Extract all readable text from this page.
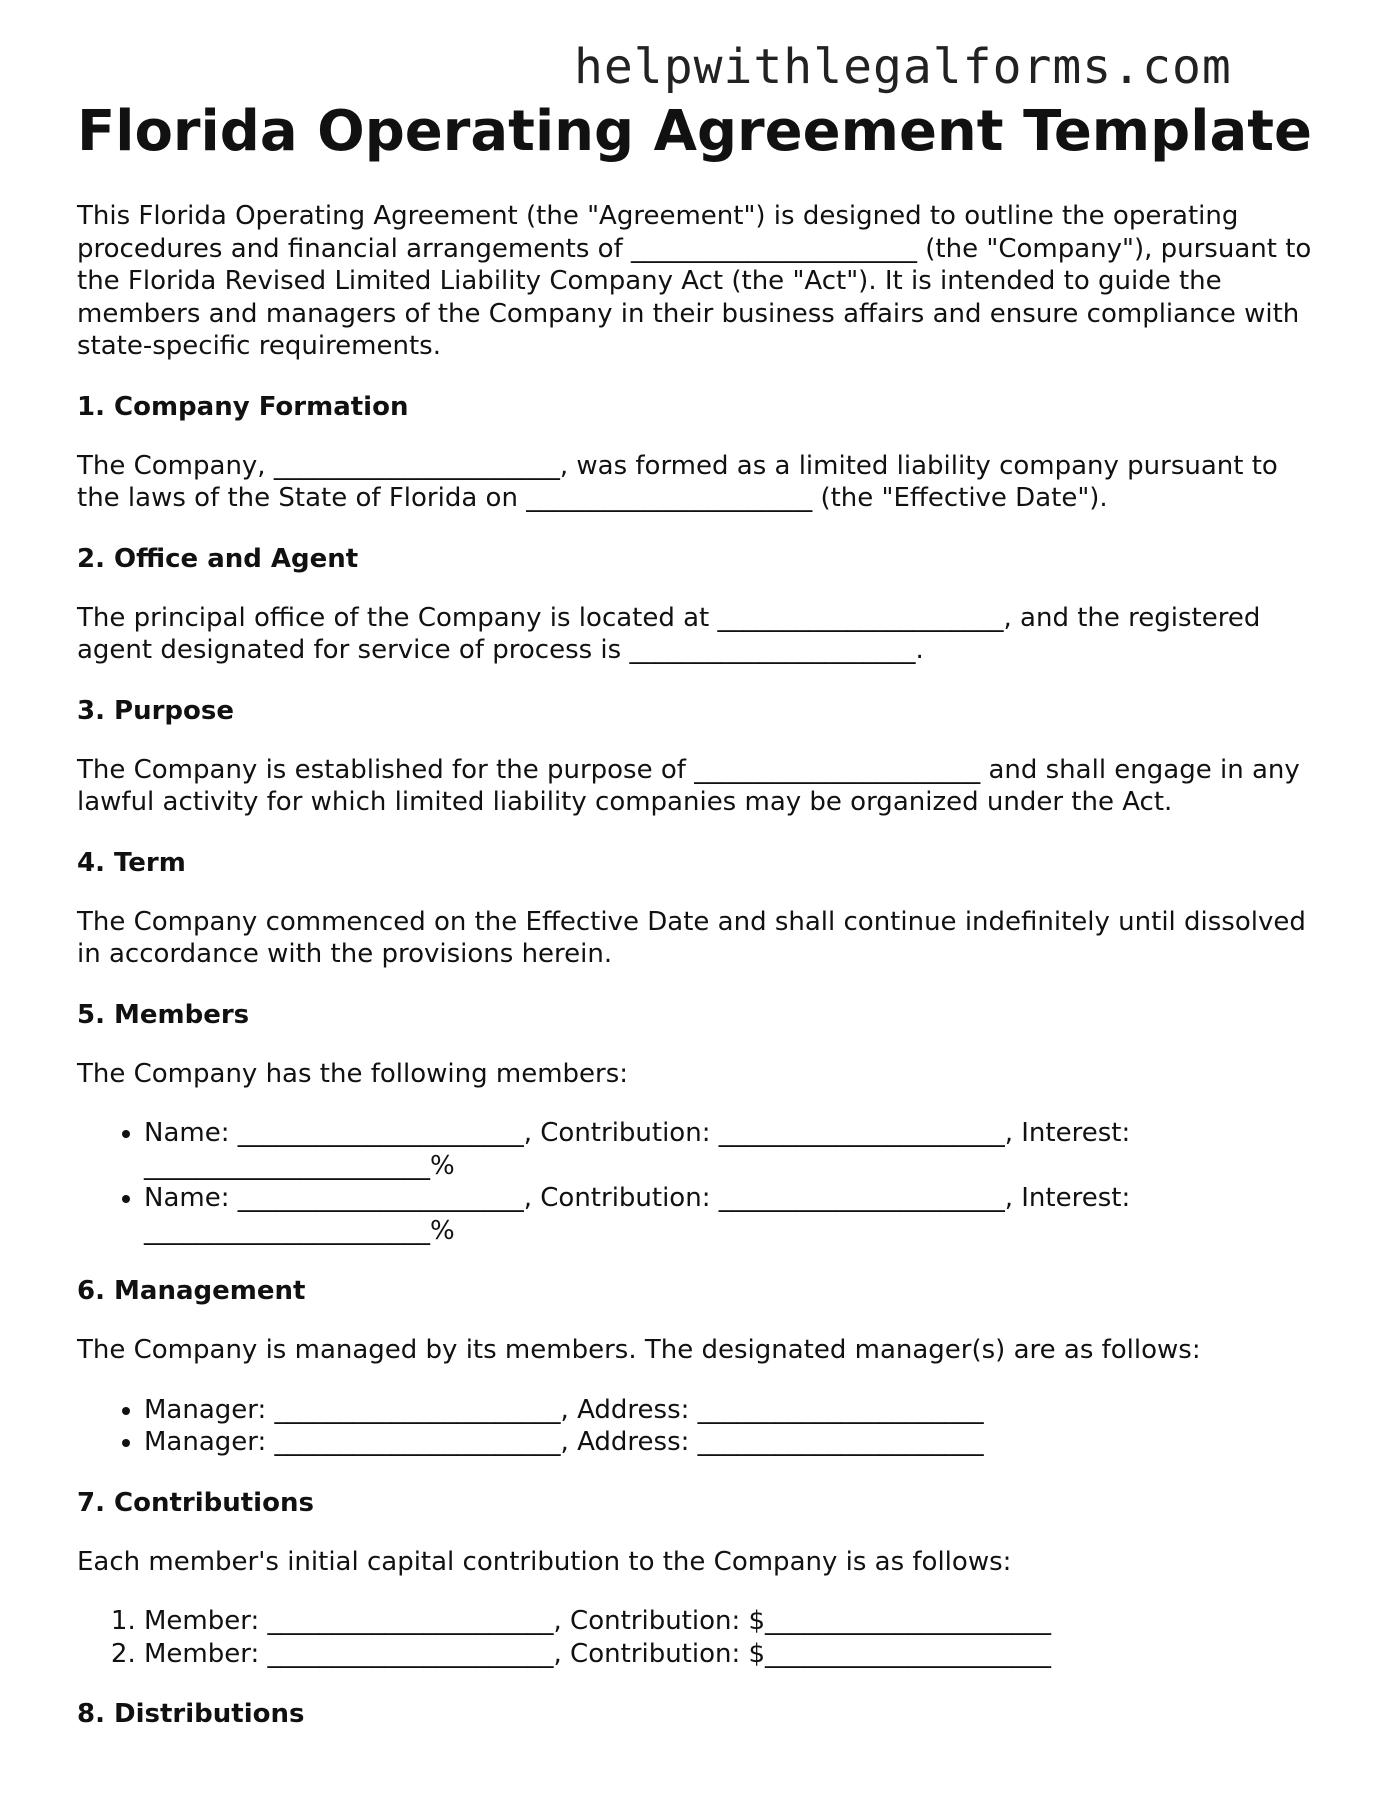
helpwithlegalforms.com
Florida Operating Agreement Template

This Florida Operating Agreement (the "Agreement") is designed to outline the operating procedures and financial arrangements of ______________________ (the "Company"), pursuant to the Florida Revised Limited Liability Company Act (the "Act"). It is intended to guide the members and managers of the Company in their business affairs and ensure compliance with state-specific requirements.

1. Company Formation

The Company, ______________________, was formed as a limited liability company pursuant to the laws of the State of Florida on ______________________ (the "Effective Date").

2. Office and Agent

The principal office of the Company is located at ______________________, and the registered agent designated for service of process is ______________________.

3. Purpose

The Company is established for the purpose of ______________________ and shall engage in any lawful activity for which limited liability companies may be organized under the Act.

4. Term

The Company commenced on the Effective Date and shall continue indefinitely until dissolved in accordance with the provisions herein.

5. Members

The Company has the following members:

• Name: ______________________, Contribution: ______________________, Interest: ______________________%
• Name: ______________________, Contribution: ______________________, Interest: ______________________%
6. Management

The Company is managed by its members. The designated manager(s) are as follows:

• Manager: ______________________, Address: ______________________
• Manager: ______________________, Address: ______________________
7. Contributions

Each member's initial capital contribution to the Company is as follows:

1. Member: ______________________, Contribution: $______________________
2. Member: ______________________, Contribution: $______________________
8. Distributions
